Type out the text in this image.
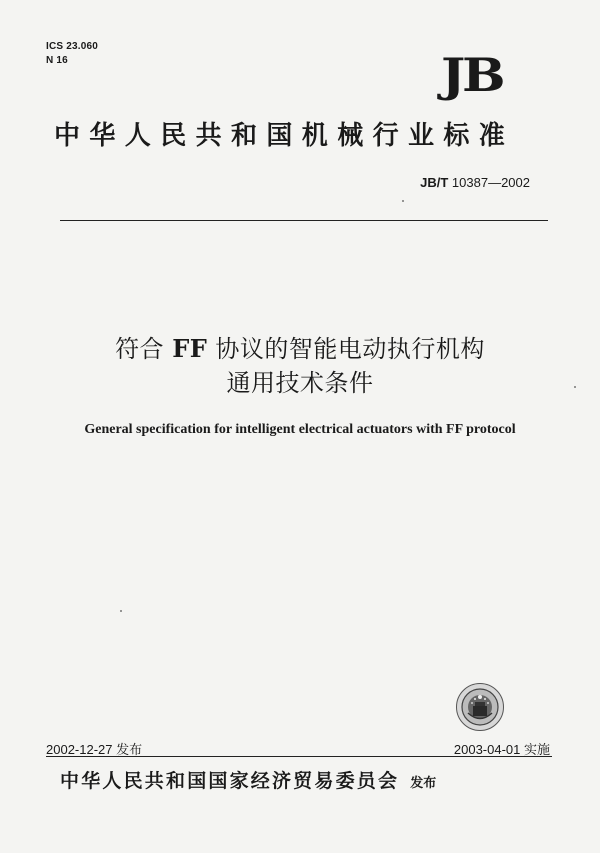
ICS 23.060
N 16	JB
中华人民共和国机械行业标准
JB/T 10387—2002
符合 FF 协议的智能电动执行机构
通用技术条件
General specification for intelligent electrical actuators with FF protocol
2002-12-27 发布	2003-04-01 实施
中华人民共和国国家经济贸易委员会 发布
